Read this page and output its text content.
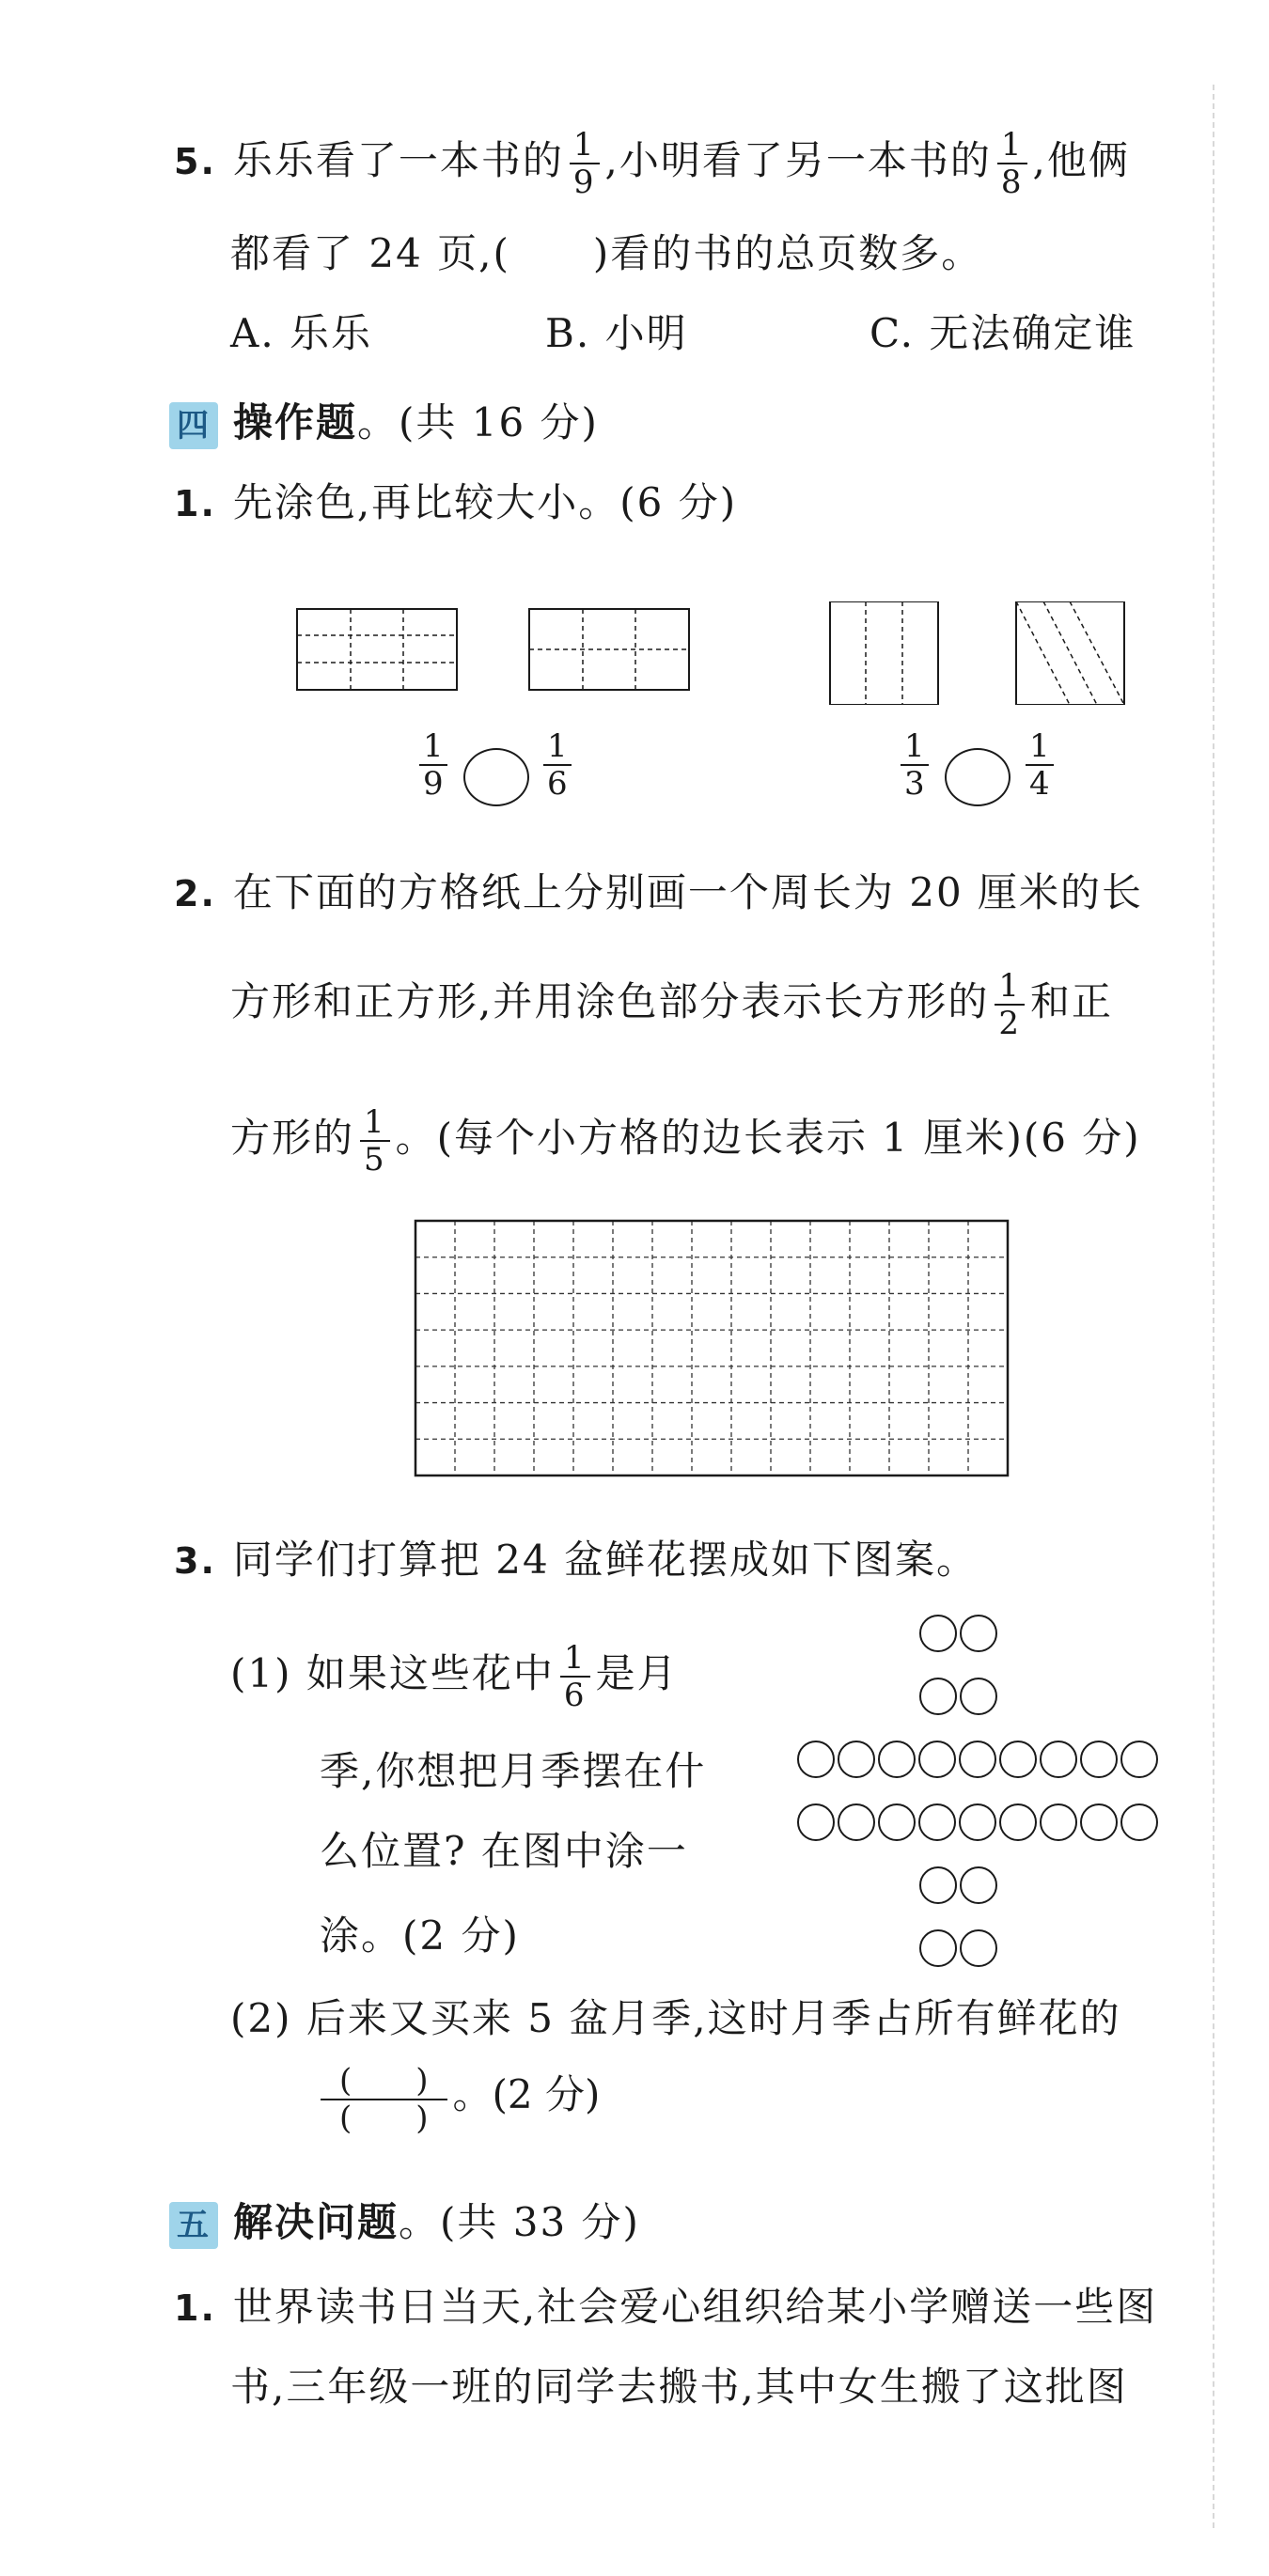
5. 乐乐看了一本书的 $\frac{1}{9}$ ,小明看了另一本书的 $\frac{1}{8}$ ,他俩
都看了 24 页,(　　)看的书的总页数多。
A. 乐乐	B. 小明	C. 无法确定谁
四 操作题。(共 16 分)
1. 先涂色,再比较大小。(6 分)
$\frac{1}{9}$	$\frac{1}{6}$	$\frac{1}{3}$	$\frac{1}{4}$
2. 在下面的方格纸上分别画一个周长为 20 厘米的长
方形和正方形,并用涂色部分表示长方形的 $\frac{1}{2}$ 和正
方形的 $\frac{1}{5}$ 。(每个小方格的边长表示 1 厘米)(6 分)
3. 同学们打算把 24 盆鲜花摆成如下图案。
(1) 如果这些花中 $\frac{1}{6}$ 是月
季,你想把月季摆在什
么位置? 在图中涂一
涂。(2 分)
(2) 后来又买来 5 盆月季,这时月季占所有鲜花的
$\frac{( )}{( )}$ 。(2 分)
五 解决问题。(共 33 分)
1. 世界读书日当天,社会爱心组织给某小学赠送一些图
书,三年级一班的同学去搬书,其中女生搬了这批图
